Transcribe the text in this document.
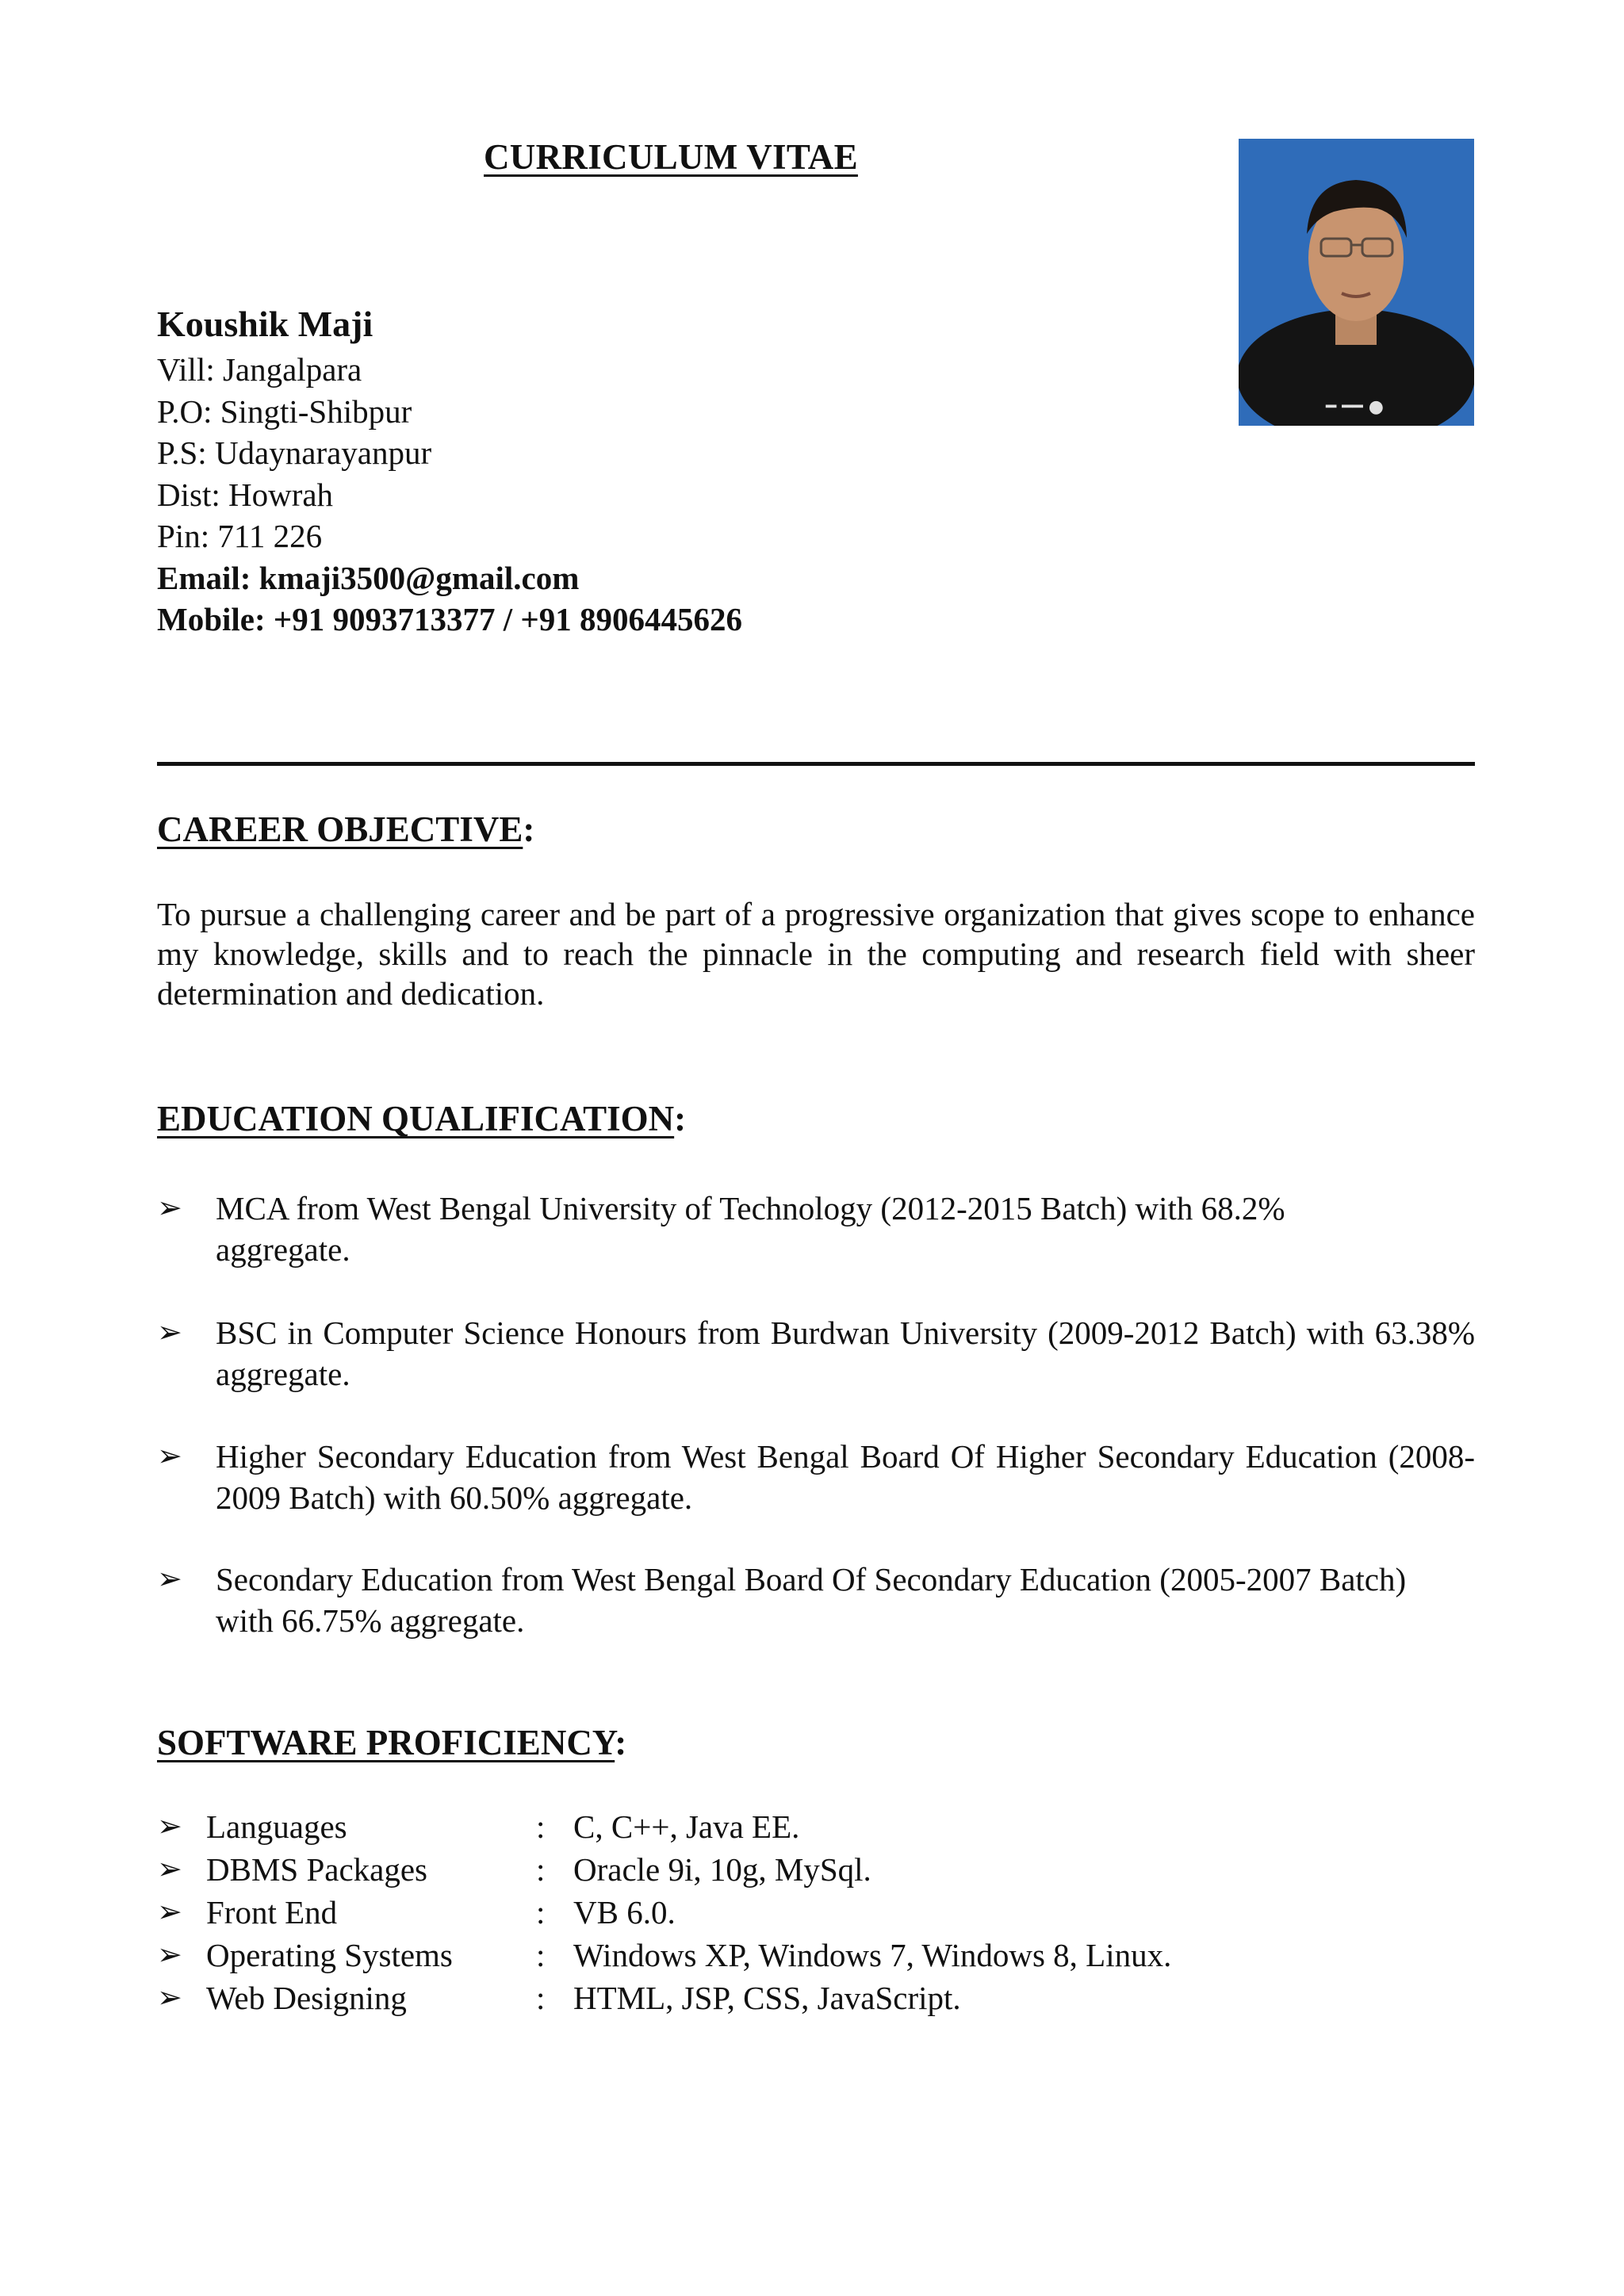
CURRICULUM VITAE
━ ━━ ●

Koushik Maji

Vill: Jangalpara
P.O: Singti-Shibpur
P.S: Udaynarayanpur
Dist: Howrah
Pin: 711 226
Email: kmaji3500@gmail.com
Mobile: +91 9093713377 / +91 8906445626
CAREER OBJECTIVE:

To pursue a challenging career and be part of a progressive organization that gives scope to enhance my knowledge, skills and to reach the pinnacle in the computing and research field with sheer determination and dedication.

EDUCATION QUALIFICATION:
➢ MCA from West Bengal University of Technology (2012-2015 Batch) with 68.2% aggregate.
➢ BSC in Computer Science Honours from Burdwan University (2009-2012 Batch) with 63.38% aggregate.
➢ Higher Secondary Education from West Bengal Board Of Higher Secondary Education (2008-2009 Batch) with 60.50% aggregate.
➢ Secondary Education from West Bengal Board Of Secondary Education (2005-2007 Batch) with 66.75% aggregate.
SOFTWARE PROFICIENCY:
➢ Languages	: C, C++, Java EE.
➢ DBMS Packages	: Oracle 9i, 10g, MySql.
➢ Front End	: VB 6.0.
➢ Operating Systems	: Windows XP, Windows 7, Windows 8, Linux.
➢ Web Designing	: HTML, JSP, CSS, JavaScript.
